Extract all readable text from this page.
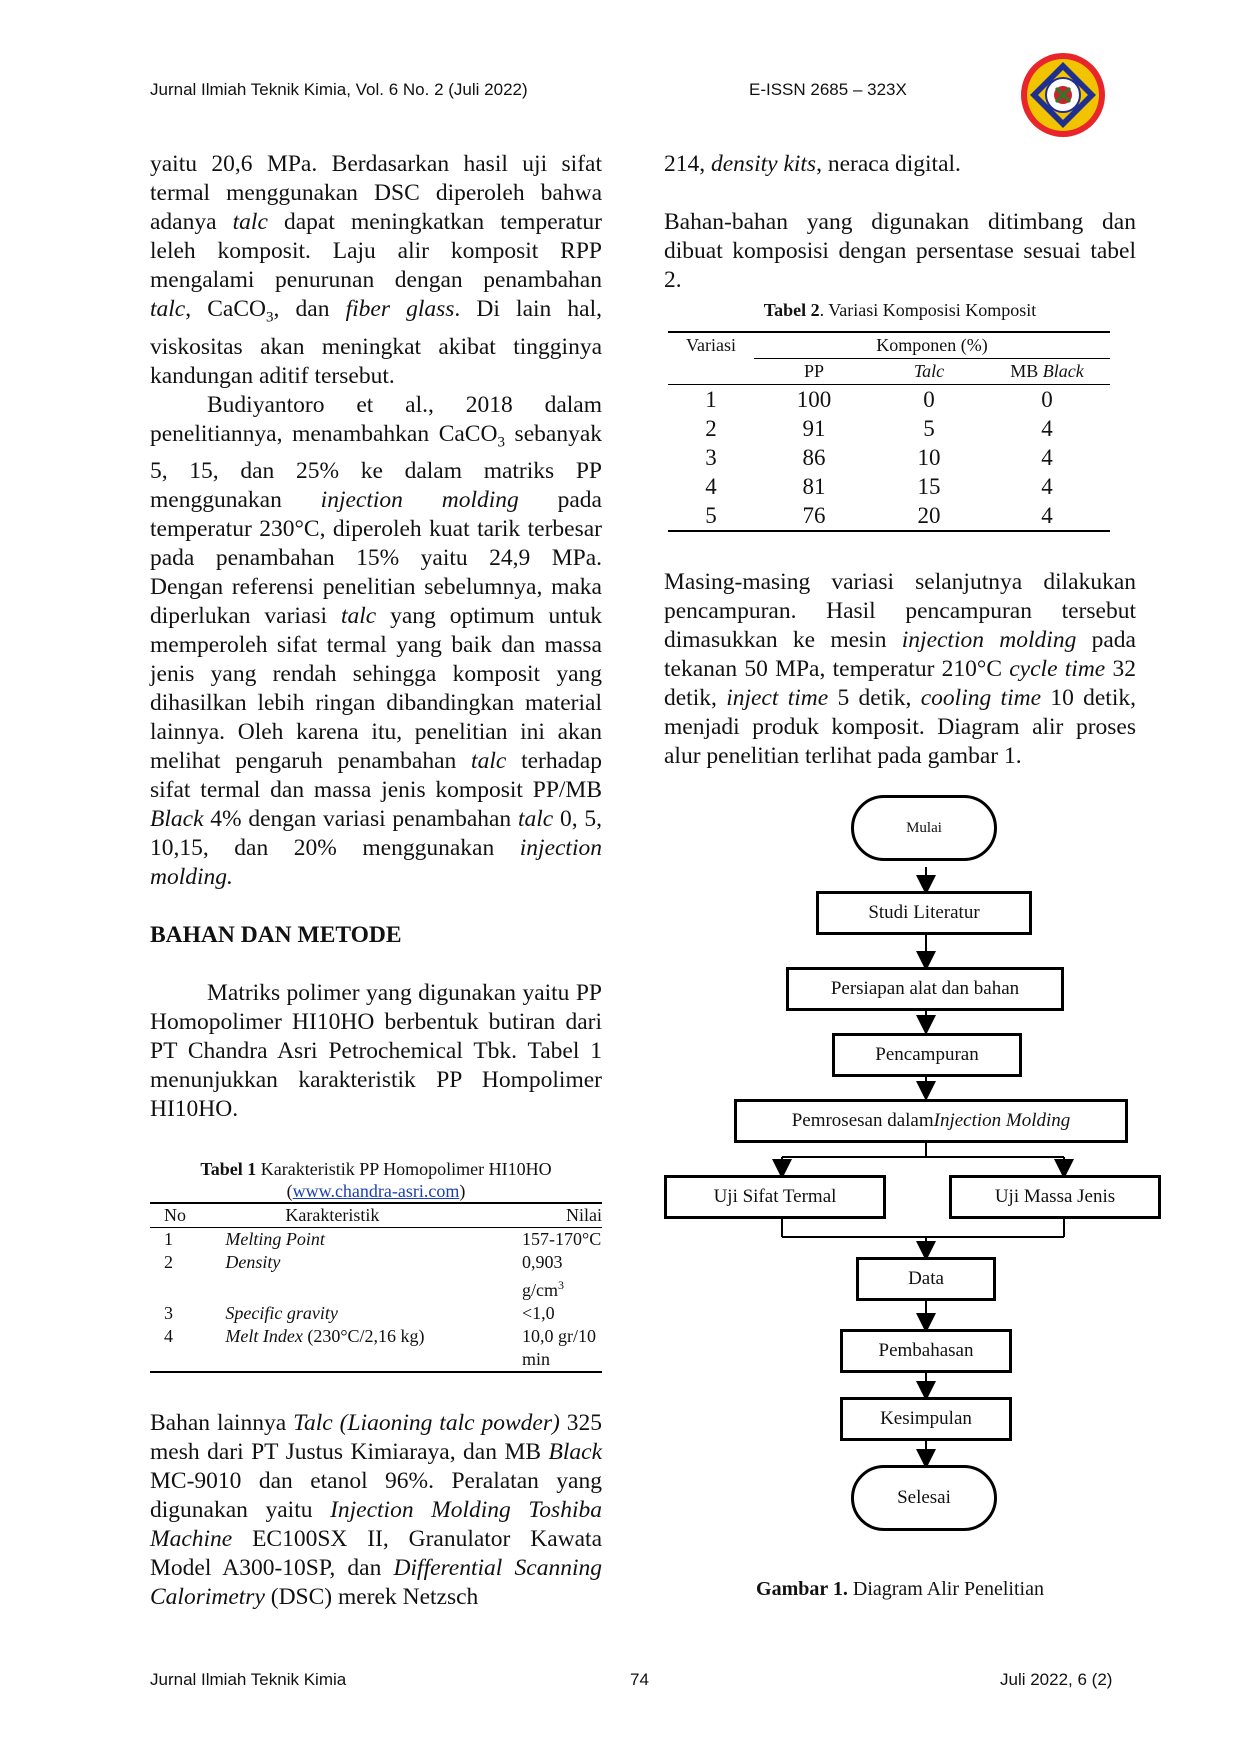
Jurnal Ilmiah Teknik Kimia, Vol. 6 No. 2 (Juli 2022)	E-ISSN 2685 – 323X

yaitu 20,6 MPa. Berdasarkan hasil uji sifat termal menggunakan DSC diperoleh bahwa adanya talc dapat meningkatkan temperatur leleh komposit. Laju alir komposit RPP mengalami penurunan dengan penambahan talc, CaCO$_3$, dan fiber glass. Di lain hal, viskositas akan meningkat akibat tingginya kandungan aditif tersebut.

Budiyantoro et al., 2018 dalam penelitiannya, menambahkan CaCO$_3$ sebanyak 5, 15, dan 25% ke dalam matriks PP menggunakan injection molding pada temperatur 230°C, diperoleh kuat tarik terbesar pada penambahan 15% yaitu 24,9 MPa. Dengan referensi penelitian sebelumnya, maka diperlukan variasi talc yang optimum untuk memperoleh sifat termal yang baik dan massa jenis yang rendah sehingga komposit yang dihasilkan lebih ringan dibandingkan material lainnya. Oleh karena itu, penelitian ini akan melihat pengaruh penambahan talc terhadap sifat termal dan massa jenis komposit PP/MB Black 4% dengan variasi penambahan talc 0, 5, 10,15, dan 20% menggunakan injection molding.

BAHAN DAN METODE

Matriks polimer yang digunakan yaitu PP Homopolimer HI10HO berbentuk butiran dari PT Chandra Asri Petrochemical Tbk. Tabel 1 menunjukkan karakteristik PP Hompolimer HI10HO.

Tabel 1 Karakteristik PP Homopolimer HI10HO
(www.chandra-asri.com)

No	Karakteristik	Nilai
1	Melting Point	157-170°C
2	Density	0,903 $g/cm^3$
3	Specific gravity	<1,0
4	Melt Index (230°C/2,16 kg)	10,0 gr/10 min

Bahan lainnya Talc (Liaoning talc powder) 325 mesh dari PT Justus Kimiaraya, dan MB Black MC-9010 dan etanol 96%. Peralatan yang digunakan yaitu Injection Molding Toshiba Machine EC100SX II, Granulator Kawata Model A300-10SP, dan Differential Scanning Calorimetry (DSC) merek Netzsch

214, density kits, neraca digital.

Bahan-bahan yang digunakan ditimbang dan dibuat komposisi dengan persentase sesuai tabel 2.

Tabel 2. Variasi Komposisi Komposit

Variasi	Komponen (%)		
	PP	Talc	MB Black
1	100	0	0
2	91	5	4
3	86	10	4
4	81	15	4
5	76	20	4

Masing-masing variasi selanjutnya dilakukan pencampuran. Hasil pencampuran tersebut dimasukkan ke mesin injection molding pada tekanan 50 MPa, temperatur 210°C cycle time 32 detik, inject time 5 detik, cooling time 10 detik, menjadi produk komposit. Diagram alir proses alur penelitian terlihat pada gambar 1.

Mulai
Studi Literatur
Persiapan alat dan bahan
Pencampuran
Pemrosesan dalam Injection Molding
Uji Sifat Termal	Uji Massa Jenis
Data
Pembahasan
Kesimpulan
Selesai
Gambar 1. Diagram Alir Penelitian
Jurnal Ilmiah Teknik Kimia	74	Juli 2022, 6 (2)
